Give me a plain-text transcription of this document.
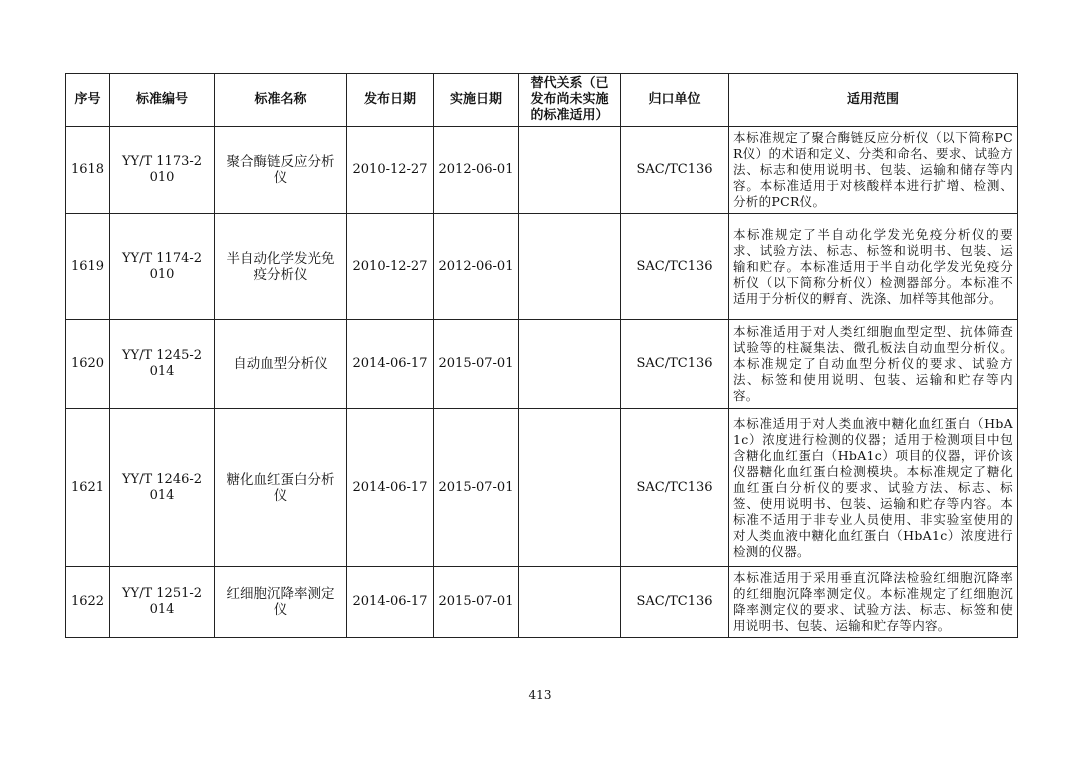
序号	标准编号	标准名称	发布日期	实施日期	替代关系（已发布尚未实施的标准适用）	归口单位	适用范围

1618	YY/T 1173-2010	聚合酶链反应分析仪	2010-12-27	2012-06-01		SAC/TC136	本标准规定了聚合酶链反应分析仪（以下简称PCR仪）的术语和定义、分类和命名、要求、试验方法、标志和使用说明书、包装、运输和储存等内容。本标准适用于对核酸样本进行扩增、检测、分析的PCR仪。

1619	YY/T 1174-2010	半自动化学发光免疫分析仪	2010-12-27	2012-06-01		SAC/TC136	本标准规定了半自动化学发光免疫分析仪的要求、试验方法、标志、标签和说明书、包装、运输和贮存。本标准适用于半自动化学发光免疫分析仪（以下简称分析仪）检测器部分。本标准不适用于分析仪的孵育、洗涤、加样等其他部分。

1620	YY/T 1245-2014	自动血型分析仪	2014-06-17	2015-07-01		SAC/TC136	本标准适用于对人类红细胞血型定型、抗体筛查试验等的柱凝集法、微孔板法自动血型分析仪。本标准规定了自动血型分析仪的要求、试验方法、标签和使用说明、包装、运输和贮存等内容。

1621	YY/T 1246-2014	糖化血红蛋白分析仪	2014-06-17	2015-07-01		SAC/TC136	本标准适用于对人类血液中糖化血红蛋白（HbA1c）浓度进行检测的仪器；适用于检测项目中包含糖化血红蛋白（HbA1c）项目的仪器，评价该仪器糖化血红蛋白检测模块。本标准规定了糖化血红蛋白分析仪的要求、试验方法、标志、标签、使用说明书、包装、运输和贮存等内容。本标准不适用于非专业人员使用、非实验室使用的对人类血液中糖化血红蛋白（HbA1c）浓度进行检测的仪器。

1622	YY/T 1251-2014	红细胞沉降率测定仪	2014-06-17	2015-07-01		SAC/TC136	本标准适用于采用垂直沉降法检验红细胞沉降率的红细胞沉降率测定仪。本标准规定了红细胞沉降率测定仪的要求、试验方法、标志、标签和使用说明书、包装、运输和贮存等内容。
413
